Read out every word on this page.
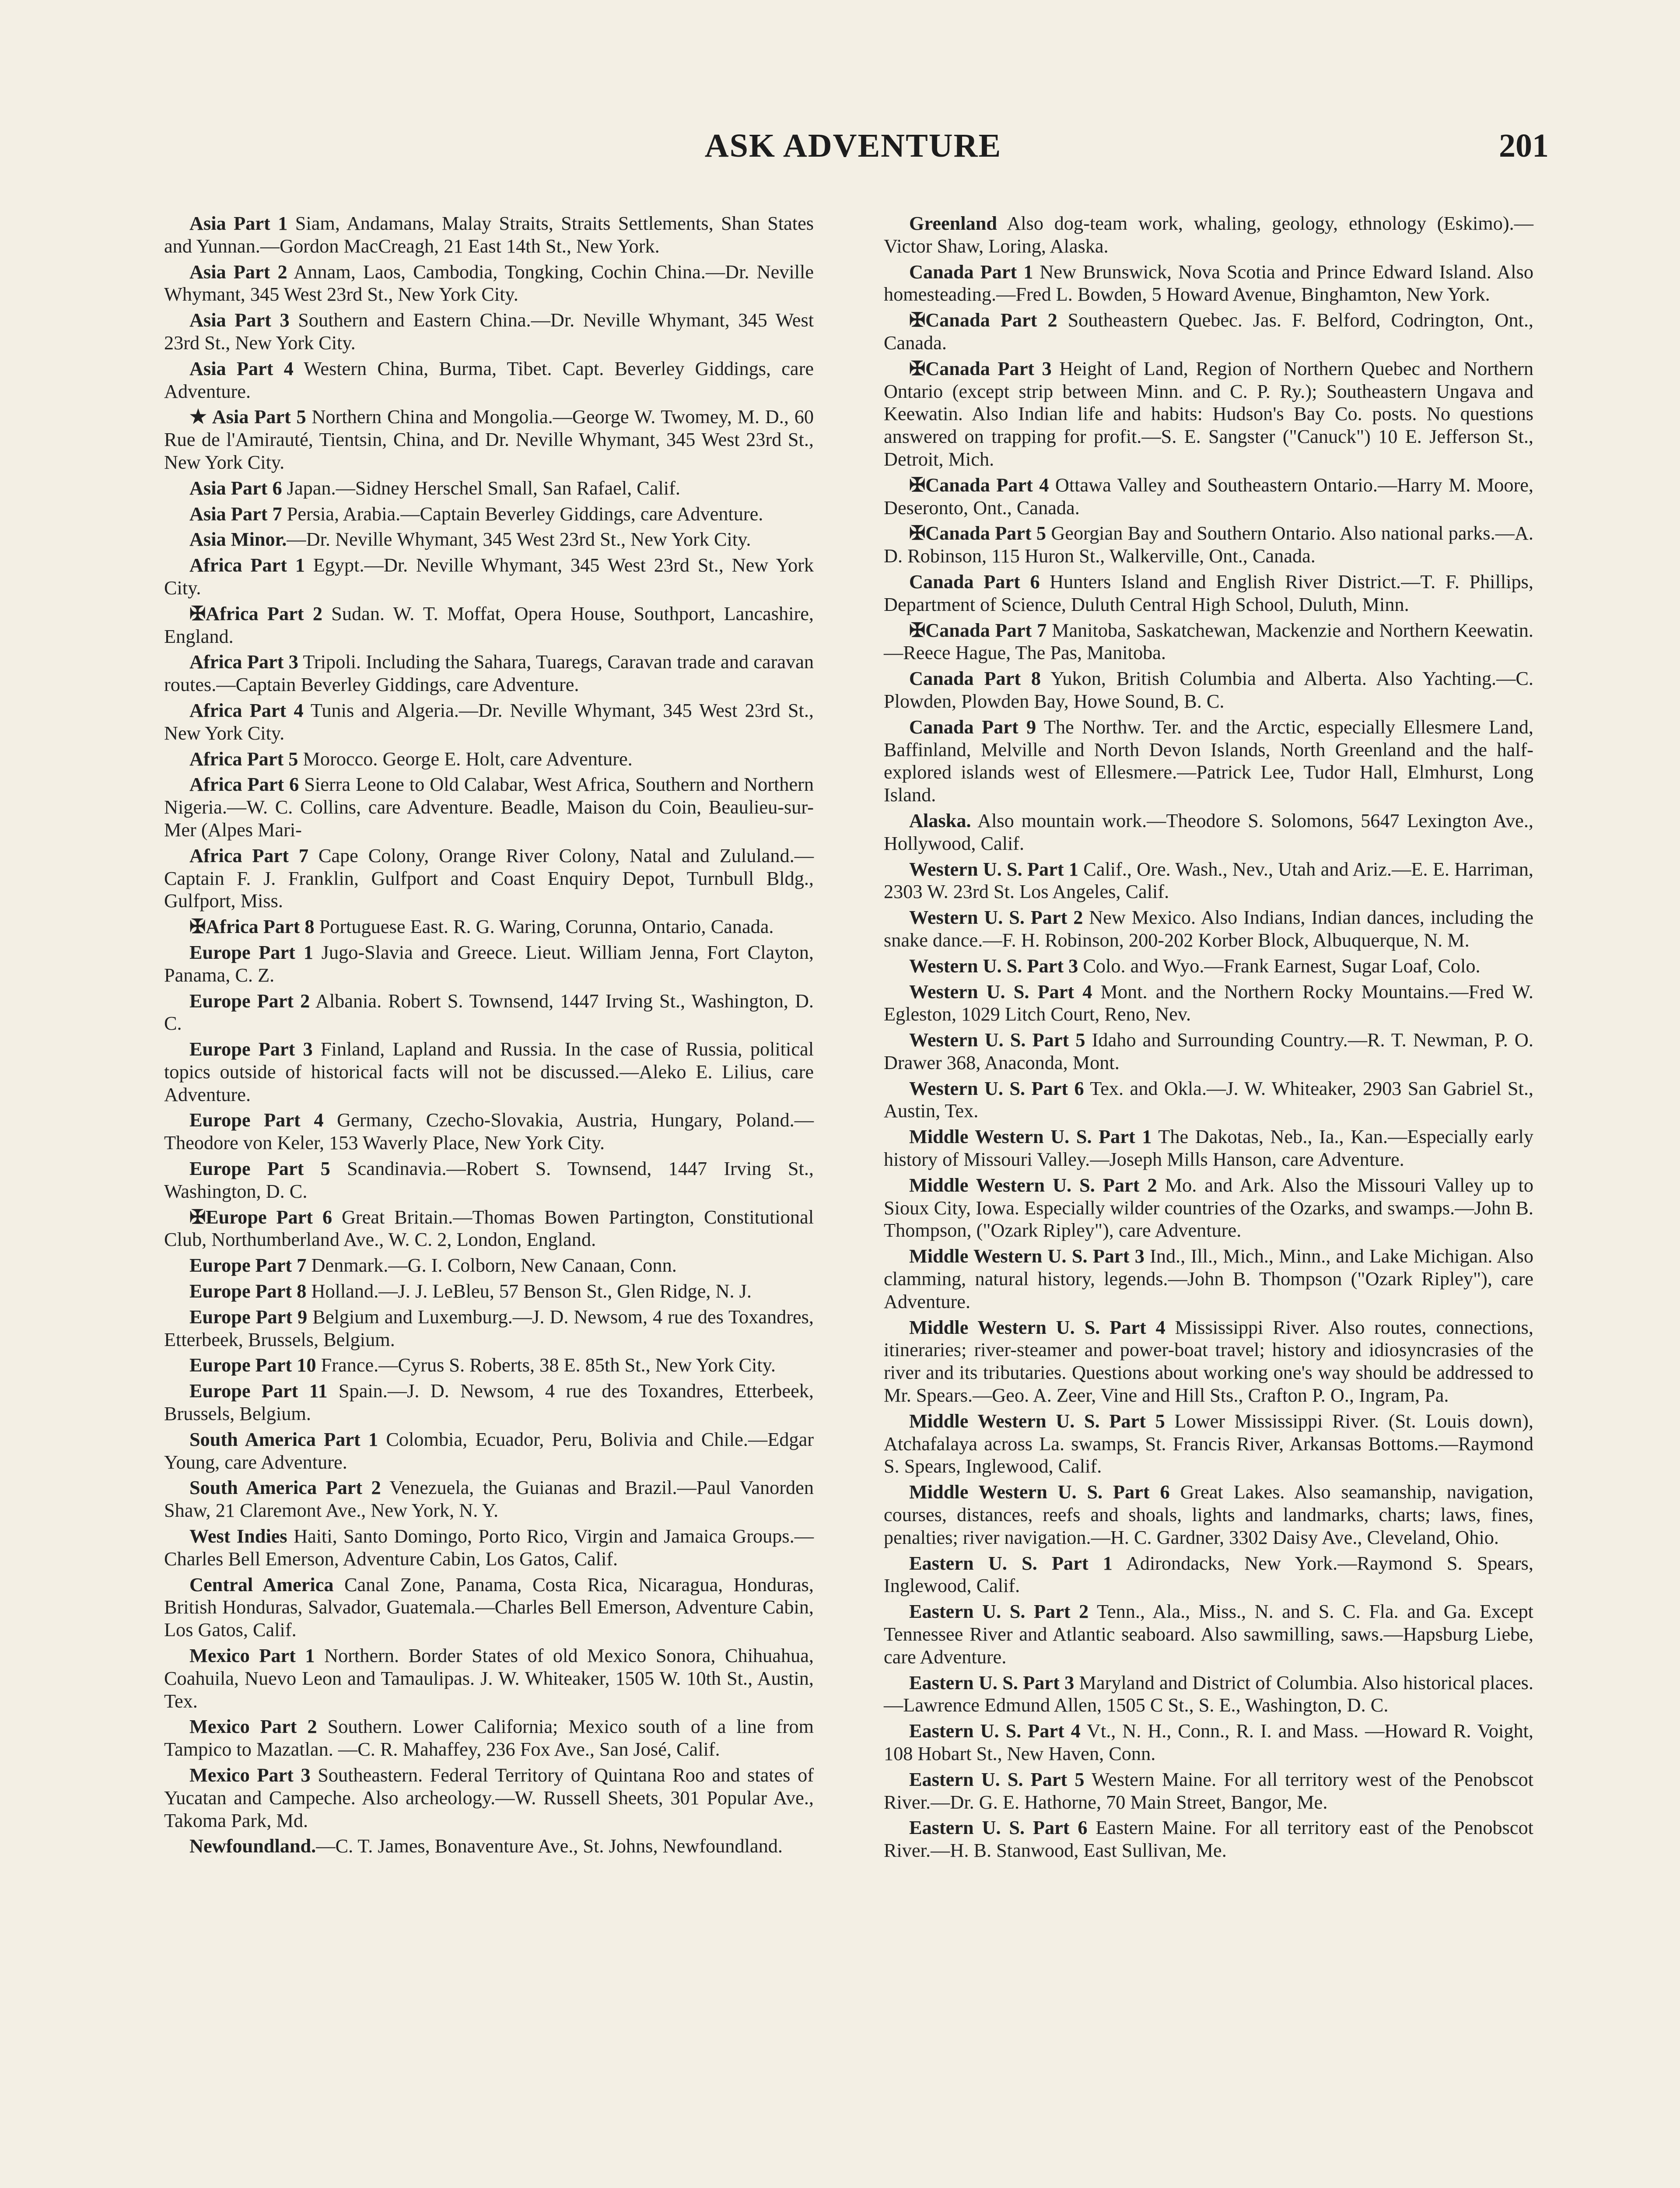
ASK ADVENTURE	201

Asia Part 1 Siam, Andamans, Malay Straits, Straits Settlements, Shan States and Yunnan.—Gordon MacCreagh, 21 East 14th St., New York.

Asia Part 2 Annam, Laos, Cambodia, Tongking, Cochin China.—Dr. Neville Whymant, 345 West 23rd St., New York City.

Asia Part 3 Southern and Eastern China.—Dr. Neville Whymant, 345 West 23rd St., New York City.

Asia Part 4 Western China, Burma, Tibet. Capt. Beverley Giddings, care Adventure.

★ Asia Part 5 Northern China and Mongolia.—George W. Twomey, M. D., 60 Rue de l'Amirauté, Tientsin, China, and Dr. Neville Whymant, 345 West 23rd St., New York City.

Asia Part 6 Japan.—Sidney Herschel Small, San Rafael, Calif.

Asia Part 7 Persia, Arabia.—Captain Beverley Giddings, care Adventure.

Asia Minor.—Dr. Neville Whymant, 345 West 23rd St., New York City.

Africa Part 1 Egypt.—Dr. Neville Whymant, 345 West 23rd St., New York City.

✠Africa Part 2 Sudan. W. T. Moffat, Opera House, Southport, Lancashire, England.

Africa Part 3 Tripoli. Including the Sahara, Tuaregs, Caravan trade and caravan routes.—Captain Beverley Giddings, care Adventure.

Africa Part 4 Tunis and Algeria.—Dr. Neville Whymant, 345 West 23rd St., New York City.

Africa Part 5 Morocco. George E. Holt, care Adventure.

Africa Part 6 Sierra Leone to Old Calabar, West Africa, Southern and Northern Nigeria.—W. C. Collins, care Adventure. Beadle, Maison du Coin, Beaulieu-sur-Mer (Alpes Mari-

Africa Part 7 Cape Colony, Orange River Colony, Natal and Zululand.—Captain F. J. Franklin, Gulfport and Coast Enquiry Depot, Turnbull Bldg., Gulfport, Miss.

✠Africa Part 8 Portuguese East. R. G. Waring, Corunna, Ontario, Canada.

Europe Part 1 Jugo-Slavia and Greece. Lieut. William Jenna, Fort Clayton, Panama, C. Z.

Europe Part 2 Albania. Robert S. Townsend, 1447 Irving St., Washington, D. C.

Europe Part 3 Finland, Lapland and Russia. In the case of Russia, political topics outside of historical facts will not be discussed.—Aleko E. Lilius, care Adventure.

Europe Part 4 Germany, Czecho-Slovakia, Austria, Hungary, Poland.—Theodore von Keler, 153 Waverly Place, New York City.

Europe Part 5 Scandinavia.—Robert S. Townsend, 1447 Irving St., Washington, D. C.

✠Europe Part 6 Great Britain.—Thomas Bowen Partington, Constitutional Club, Northumberland Ave., W. C. 2, London, England.

Europe Part 7 Denmark.—G. I. Colborn, New Canaan, Conn.

Europe Part 8 Holland.—J. J. LeBleu, 57 Benson St., Glen Ridge, N. J.

Europe Part 9 Belgium and Luxemburg.—J. D. Newsom, 4 rue des Toxandres, Etterbeek, Brussels, Belgium.

Europe Part 10 France.—Cyrus S. Roberts, 38 E. 85th St., New York City.

Europe Part 11 Spain.—J. D. Newsom, 4 rue des Toxandres, Etterbeek, Brussels, Belgium.

South America Part 1 Colombia, Ecuador, Peru, Bolivia and Chile.—Edgar Young, care Adventure.

South America Part 2 Venezuela, the Guianas and Brazil.—Paul Vanorden Shaw, 21 Claremont Ave., New York, N. Y.

West Indies Haiti, Santo Domingo, Porto Rico, Virgin and Jamaica Groups.—Charles Bell Emerson, Adventure Cabin, Los Gatos, Calif.

Central America Canal Zone, Panama, Costa Rica, Nicaragua, Honduras, British Honduras, Salvador, Guatemala.—Charles Bell Emerson, Adventure Cabin, Los Gatos, Calif.

Mexico Part 1 Northern. Border States of old Mexico Sonora, Chihuahua, Coahuila, Nuevo Leon and Tamaulipas. J. W. Whiteaker, 1505 W. 10th St., Austin, Tex.

Mexico Part 2 Southern. Lower California; Mexico south of a line from Tampico to Mazatlan. —C. R. Mahaffey, 236 Fox Ave., San José, Calif.

Mexico Part 3 Southeastern. Federal Territory of Quintana Roo and states of Yucatan and Campeche. Also archeology.—W. Russell Sheets, 301 Popular Ave., Takoma Park, Md.

Newfoundland.—C. T. James, Bonaventure Ave., St. Johns, Newfoundland.

Greenland Also dog-team work, whaling, geology, ethnology (Eskimo).—Victor Shaw, Loring, Alaska.

Canada Part 1 New Brunswick, Nova Scotia and Prince Edward Island. Also homesteading.—Fred L. Bowden, 5 Howard Avenue, Binghamton, New York.

✠Canada Part 2 Southeastern Quebec. Jas. F. Belford, Codrington, Ont., Canada.

✠Canada Part 3 Height of Land, Region of Northern Quebec and Northern Ontario (except strip between Minn. and C. P. Ry.); Southeastern Ungava and Keewatin. Also Indian life and habits: Hudson's Bay Co. posts. No questions answered on trapping for profit.—S. E. Sangster ("Canuck") 10 E. Jefferson St., Detroit, Mich.

✠Canada Part 4 Ottawa Valley and Southeastern Ontario.—Harry M. Moore, Deseronto, Ont., Canada.

✠Canada Part 5 Georgian Bay and Southern Ontario. Also national parks.—A. D. Robinson, 115 Huron St., Walkerville, Ont., Canada.

Canada Part 6 Hunters Island and English River District.—T. F. Phillips, Department of Science, Duluth Central High School, Duluth, Minn.

✠Canada Part 7 Manitoba, Saskatchewan, Mackenzie and Northern Keewatin.—Reece Hague, The Pas, Manitoba.

Canada Part 8 Yukon, British Columbia and Alberta. Also Yachting.—C. Plowden, Plowden Bay, Howe Sound, B. C.

Canada Part 9 The Northw. Ter. and the Arctic, especially Ellesmere Land, Baffinland, Melville and North Devon Islands, North Greenland and the half-explored islands west of Ellesmere.—Patrick Lee, Tudor Hall, Elmhurst, Long Island.

Alaska. Also mountain work.—Theodore S. Solomons, 5647 Lexington Ave., Hollywood, Calif.

Western U. S. Part 1 Calif., Ore. Wash., Nev., Utah and Ariz.—E. E. Harriman, 2303 W. 23rd St. Los Angeles, Calif.

Western U. S. Part 2 New Mexico. Also Indians, Indian dances, including the snake dance.—F. H. Robinson, 200-202 Korber Block, Albuquerque, N. M.

Western U. S. Part 3 Colo. and Wyo.—Frank Earnest, Sugar Loaf, Colo.

Western U. S. Part 4 Mont. and the Northern Rocky Mountains.—Fred W. Egleston, 1029 Litch Court, Reno, Nev.

Western U. S. Part 5 Idaho and Surrounding Country.—R. T. Newman, P. O. Drawer 368, Anaconda, Mont.

Western U. S. Part 6 Tex. and Okla.—J. W. Whiteaker, 2903 San Gabriel St., Austin, Tex.

Middle Western U. S. Part 1 The Dakotas, Neb., Ia., Kan.—Especially early history of Missouri Valley.—Joseph Mills Hanson, care Adventure.

Middle Western U. S. Part 2 Mo. and Ark. Also the Missouri Valley up to Sioux City, Iowa. Especially wilder countries of the Ozarks, and swamps.—John B. Thompson, ("Ozark Ripley"), care Adventure.

Middle Western U. S. Part 3 Ind., Ill., Mich., Minn., and Lake Michigan. Also clamming, natural history, legends.—John B. Thompson ("Ozark Ripley"), care Adventure.

Middle Western U. S. Part 4 Mississippi River. Also routes, connections, itineraries; river-steamer and power-boat travel; history and idiosyncrasies of the river and its tributaries. Questions about working one's way should be addressed to Mr. Spears.—Geo. A. Zeer, Vine and Hill Sts., Crafton P. O., Ingram, Pa.

Middle Western U. S. Part 5 Lower Mississippi River. (St. Louis down), Atchafalaya across La. swamps, St. Francis River, Arkansas Bottoms.—Raymond S. Spears, Inglewood, Calif.

Middle Western U. S. Part 6 Great Lakes. Also seamanship, navigation, courses, distances, reefs and shoals, lights and landmarks, charts; laws, fines, penalties; river navigation.—H. C. Gardner, 3302 Daisy Ave., Cleveland, Ohio.

Eastern U. S. Part 1 Adirondacks, New York.—Raymond S. Spears, Inglewood, Calif.

Eastern U. S. Part 2 Tenn., Ala., Miss., N. and S. C. Fla. and Ga. Except Tennessee River and Atlantic seaboard. Also sawmilling, saws.—Hapsburg Liebe, care Adventure.

Eastern U. S. Part 3 Maryland and District of Columbia. Also historical places.—Lawrence Edmund Allen, 1505 C St., S. E., Washington, D. C.

Eastern U. S. Part 4 Vt., N. H., Conn., R. I. and Mass. —Howard R. Voight, 108 Hobart St., New Haven, Conn.

Eastern U. S. Part 5 Western Maine. For all territory west of the Penobscot River.—Dr. G. E. Hathorne, 70 Main Street, Bangor, Me.

Eastern U. S. Part 6 Eastern Maine. For all territory east of the Penobscot River.—H. B. Stanwood, East Sullivan, Me.
